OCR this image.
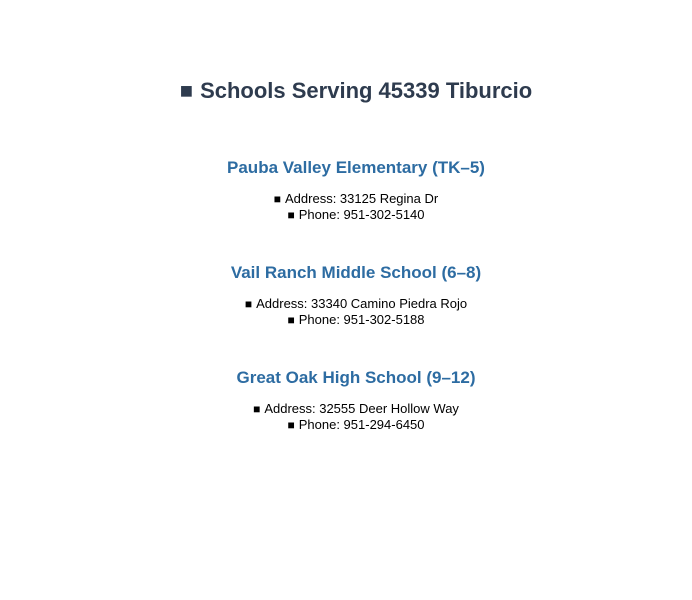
■ Schools Serving 45339 Tiburcio
Pauba Valley Elementary (TK–5)
■ Address: 33125 Regina Dr
■ Phone: 951-302-5140
Vail Ranch Middle School (6–8)
■ Address: 33340 Camino Piedra Rojo
■ Phone: 951-302-5188
Great Oak High School (9–12)
■ Address: 32555 Deer Hollow Way
■ Phone: 951-294-6450
